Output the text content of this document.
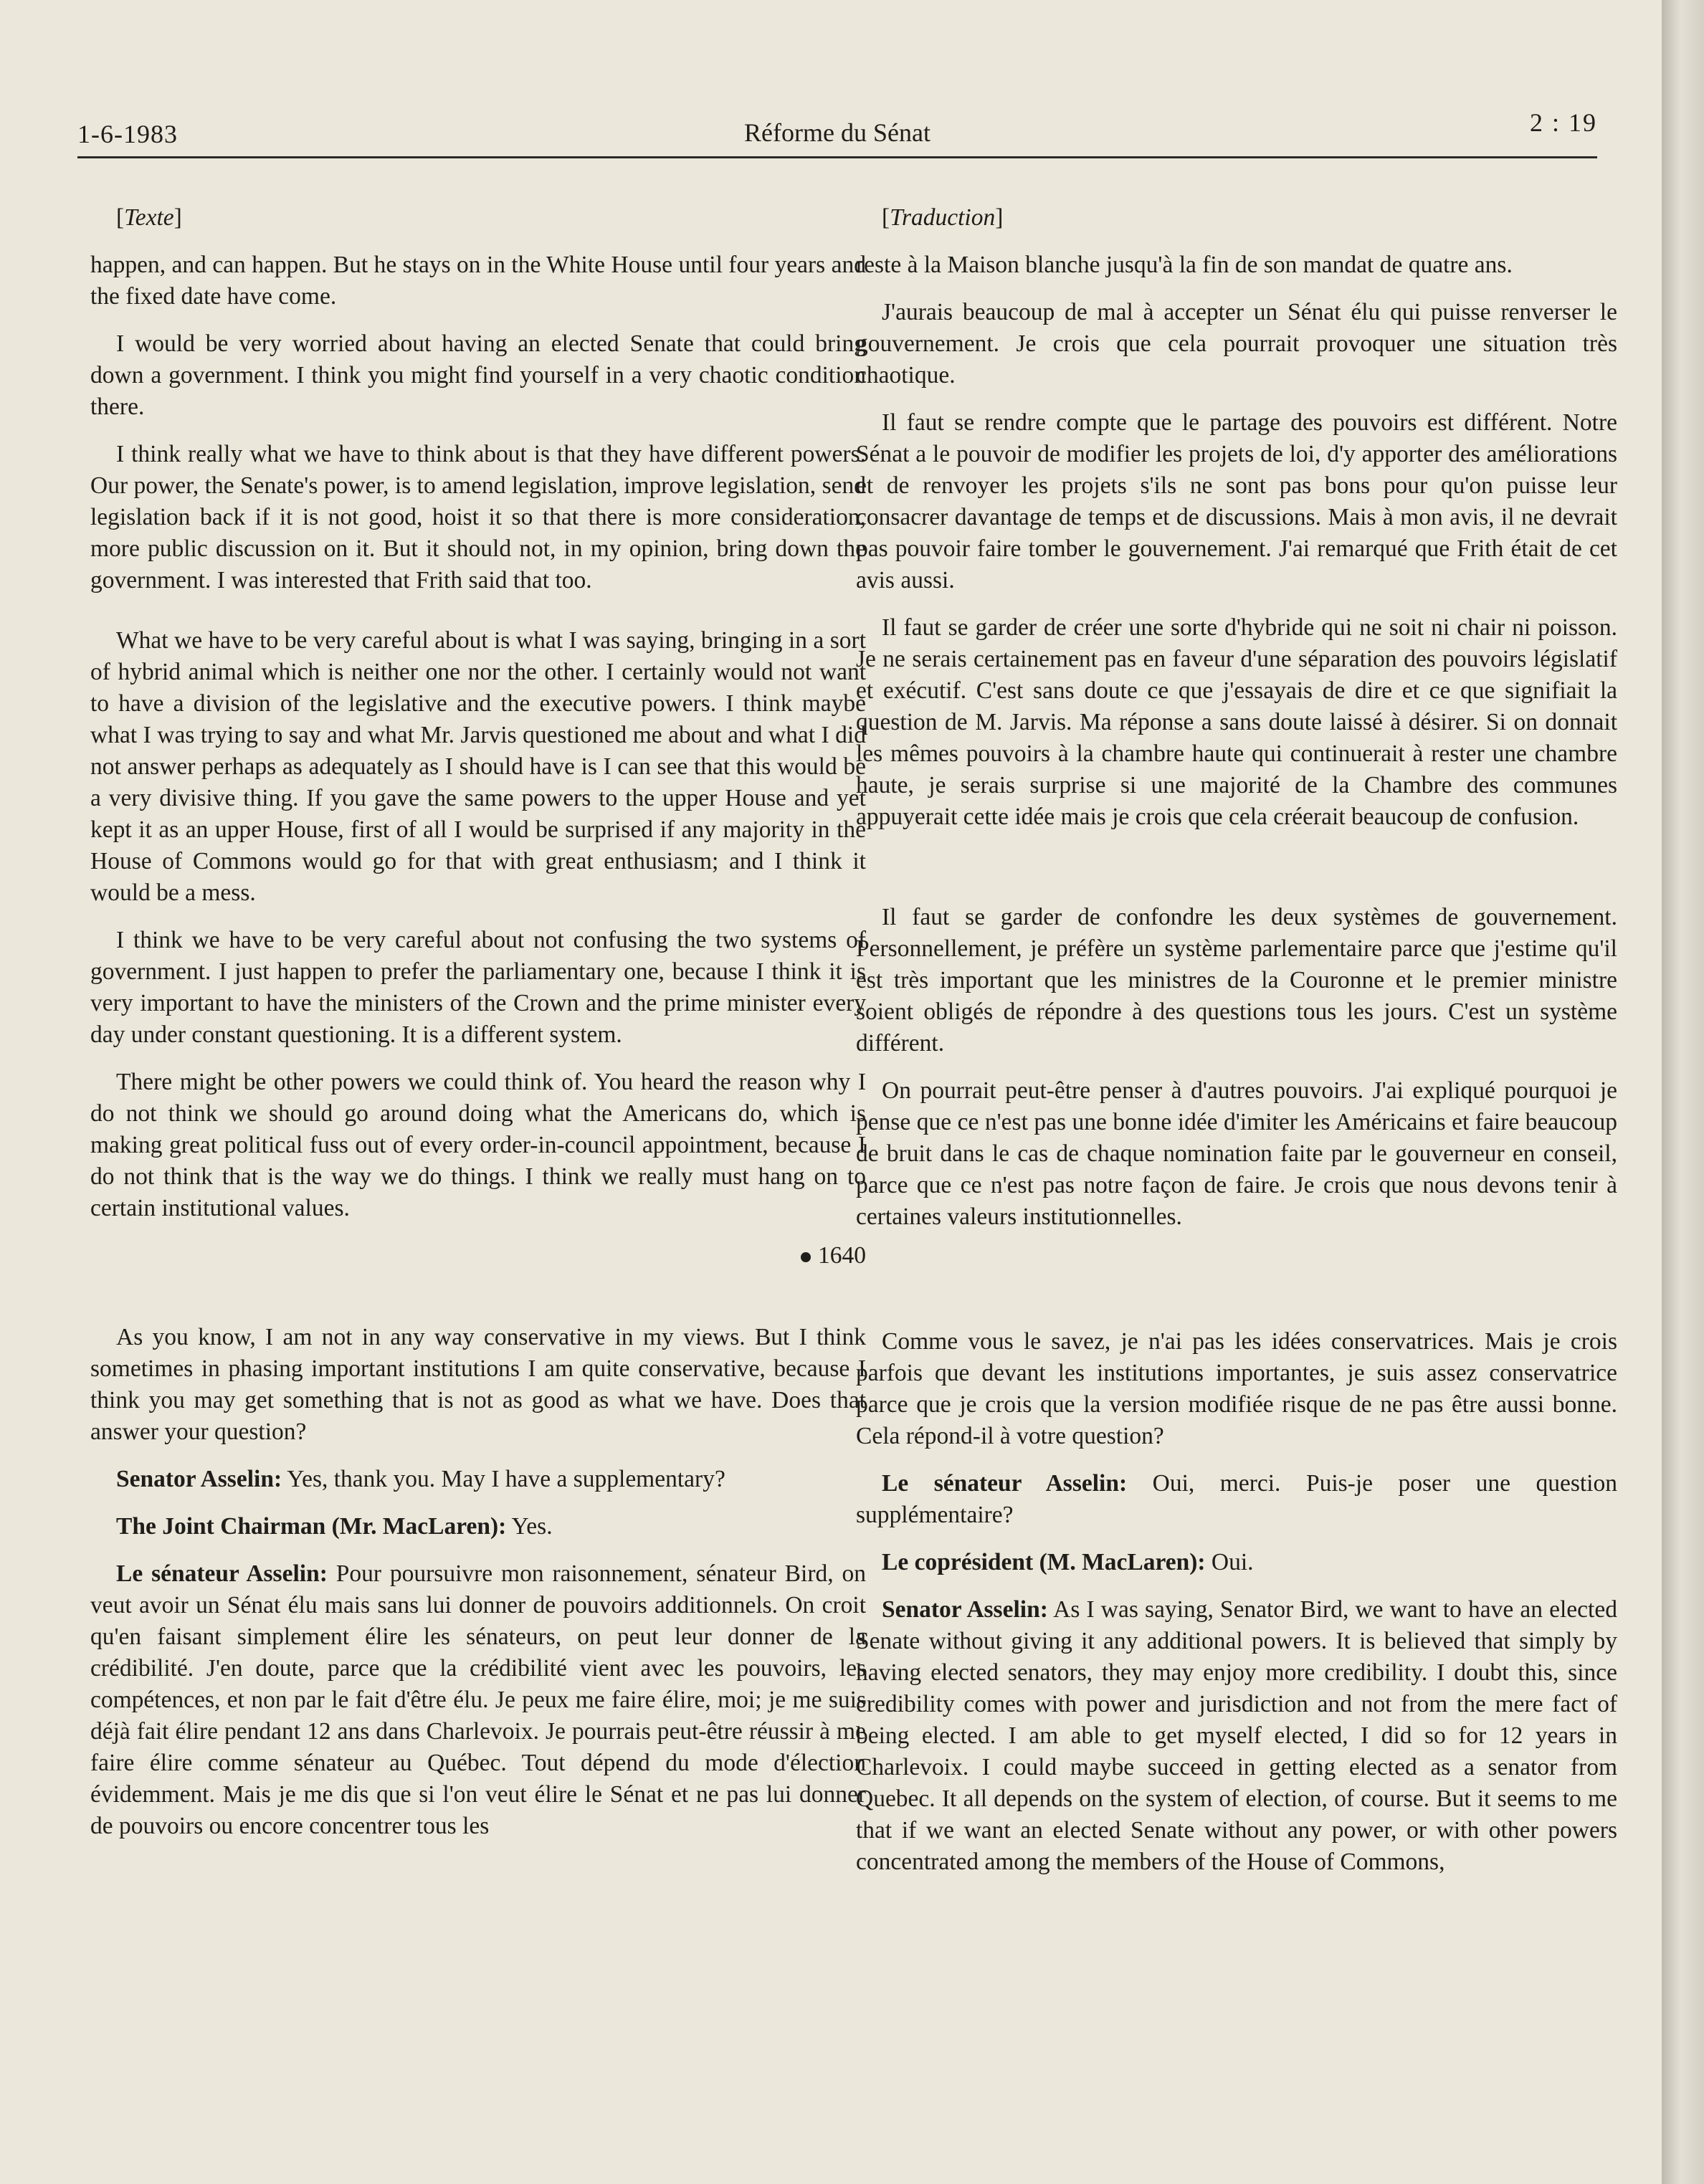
1-6-1983	Réforme du Sénat	2 : 19

[Texte]

happen, and can happen. But he stays on in the White House until four years and the fixed date have come.

I would be very worried about having an elected Senate that could bring down a government. I think you might find yourself in a very chaotic condition there.

I think really what we have to think about is that they have different powers. Our power, the Senate's power, is to amend legislation, improve legislation, send legislation back if it is not good, hoist it so that there is more consideration, more public discussion on it. But it should not, in my opinion, bring down the government. I was interested that Frith said that too.

What we have to be very careful about is what I was saying, bringing in a sort of hybrid animal which is neither one nor the other. I certainly would not want to have a division of the legislative and the executive powers. I think maybe what I was trying to say and what Mr. Jarvis questioned me about and what I did not answer perhaps as adequately as I should have is I can see that this would be a very divisive thing. If you gave the same powers to the upper House and yet kept it as an upper House, first of all I would be surprised if any majority in the House of Commons would go for that with great enthusiasm; and I think it would be a mess.

I think we have to be very careful about not confusing the two systems of government. I just happen to prefer the parliamentary one, because I think it is very important to have the ministers of the Crown and the prime minister every day under constant questioning. It is a different system.

There might be other powers we could think of. You heard the reason why I do not think we should go around doing what the Americans do, which is making great political fuss out of every order-in-council appointment, because I do not think that is the way we do things. I think we really must hang on to certain institutional values.

1640

As you know, I am not in any way conservative in my views. But I think sometimes in phasing important institutions I am quite conservative, because I think you may get something that is not as good as what we have. Does that answer your question?

Senator Asselin: Yes, thank you. May I have a supplementary?

The Joint Chairman (Mr. MacLaren): Yes.

Le sénateur Asselin: Pour poursuivre mon raisonnement, sénateur Bird, on veut avoir un Sénat élu mais sans lui donner de pouvoirs additionnels. On croit qu'en faisant simplement élire les sénateurs, on peut leur donner de la crédibilité. J'en doute, parce que la crédibilité vient avec les pouvoirs, les compétences, et non par le fait d'être élu. Je peux me faire élire, moi; je me suis déjà fait élire pendant 12 ans dans Charlevoix. Je pourrais peut-être réussir à me faire élire comme sénateur au Québec. Tout dépend du mode d'élection évidemment. Mais je me dis que si l'on veut élire le Sénat et ne pas lui donner de pouvoirs ou encore concentrer tous les

[Traduction]

reste à la Maison blanche jusqu'à la fin de son mandat de quatre ans.

J'aurais beaucoup de mal à accepter un Sénat élu qui puisse renverser le gouvernement. Je crois que cela pourrait provoquer une situation très chaotique.

Il faut se rendre compte que le partage des pouvoirs est différent. Notre Sénat a le pouvoir de modifier les projets de loi, d'y apporter des améliorations et de renvoyer les projets s'ils ne sont pas bons pour qu'on puisse leur consacrer davantage de temps et de discussions. Mais à mon avis, il ne devrait pas pouvoir faire tomber le gouvernement. J'ai remarqué que Frith était de cet avis aussi.

Il faut se garder de créer une sorte d'hybride qui ne soit ni chair ni poisson. Je ne serais certainement pas en faveur d'une séparation des pouvoirs législatif et exécutif. C'est sans doute ce que j'essayais de dire et ce que signifiait la question de M. Jarvis. Ma réponse a sans doute laissé à désirer. Si on donnait les mêmes pouvoirs à la chambre haute qui continuerait à rester une chambre haute, je serais surprise si une majorité de la Chambre des communes appuyerait cette idée mais je crois que cela créerait beaucoup de confusion.

Il faut se garder de confondre les deux systèmes de gouvernement. Personnellement, je préfère un système parlementaire parce que j'estime qu'il est très important que les ministres de la Couronne et le premier ministre soient obligés de répondre à des questions tous les jours. C'est un système différent.

On pourrait peut-être penser à d'autres pouvoirs. J'ai expliqué pourquoi je pense que ce n'est pas une bonne idée d'imiter les Américains et faire beaucoup de bruit dans le cas de chaque nomination faite par le gouverneur en conseil, parce que ce n'est pas notre façon de faire. Je crois que nous devons tenir à certaines valeurs institutionnelles.

Comme vous le savez, je n'ai pas les idées conservatrices. Mais je crois parfois que devant les institutions importantes, je suis assez conservatrice parce que je crois que la version modifiée risque de ne pas être aussi bonne. Cela répond-il à votre question?

Le sénateur Asselin: Oui, merci. Puis-je poser une question supplémentaire?

Le coprésident (M. MacLaren): Oui.

Senator Asselin: As I was saying, Senator Bird, we want to have an elected Senate without giving it any additional powers. It is believed that simply by having elected senators, they may enjoy more credibility. I doubt this, since credibility comes with power and jurisdiction and not from the mere fact of being elected. I am able to get myself elected, I did so for 12 years in Charlevoix. I could maybe succeed in getting elected as a senator from Quebec. It all depends on the system of election, of course. But it seems to me that if we want an elected Senate without any power, or with other powers concentrated among the members of the House of Commons,
